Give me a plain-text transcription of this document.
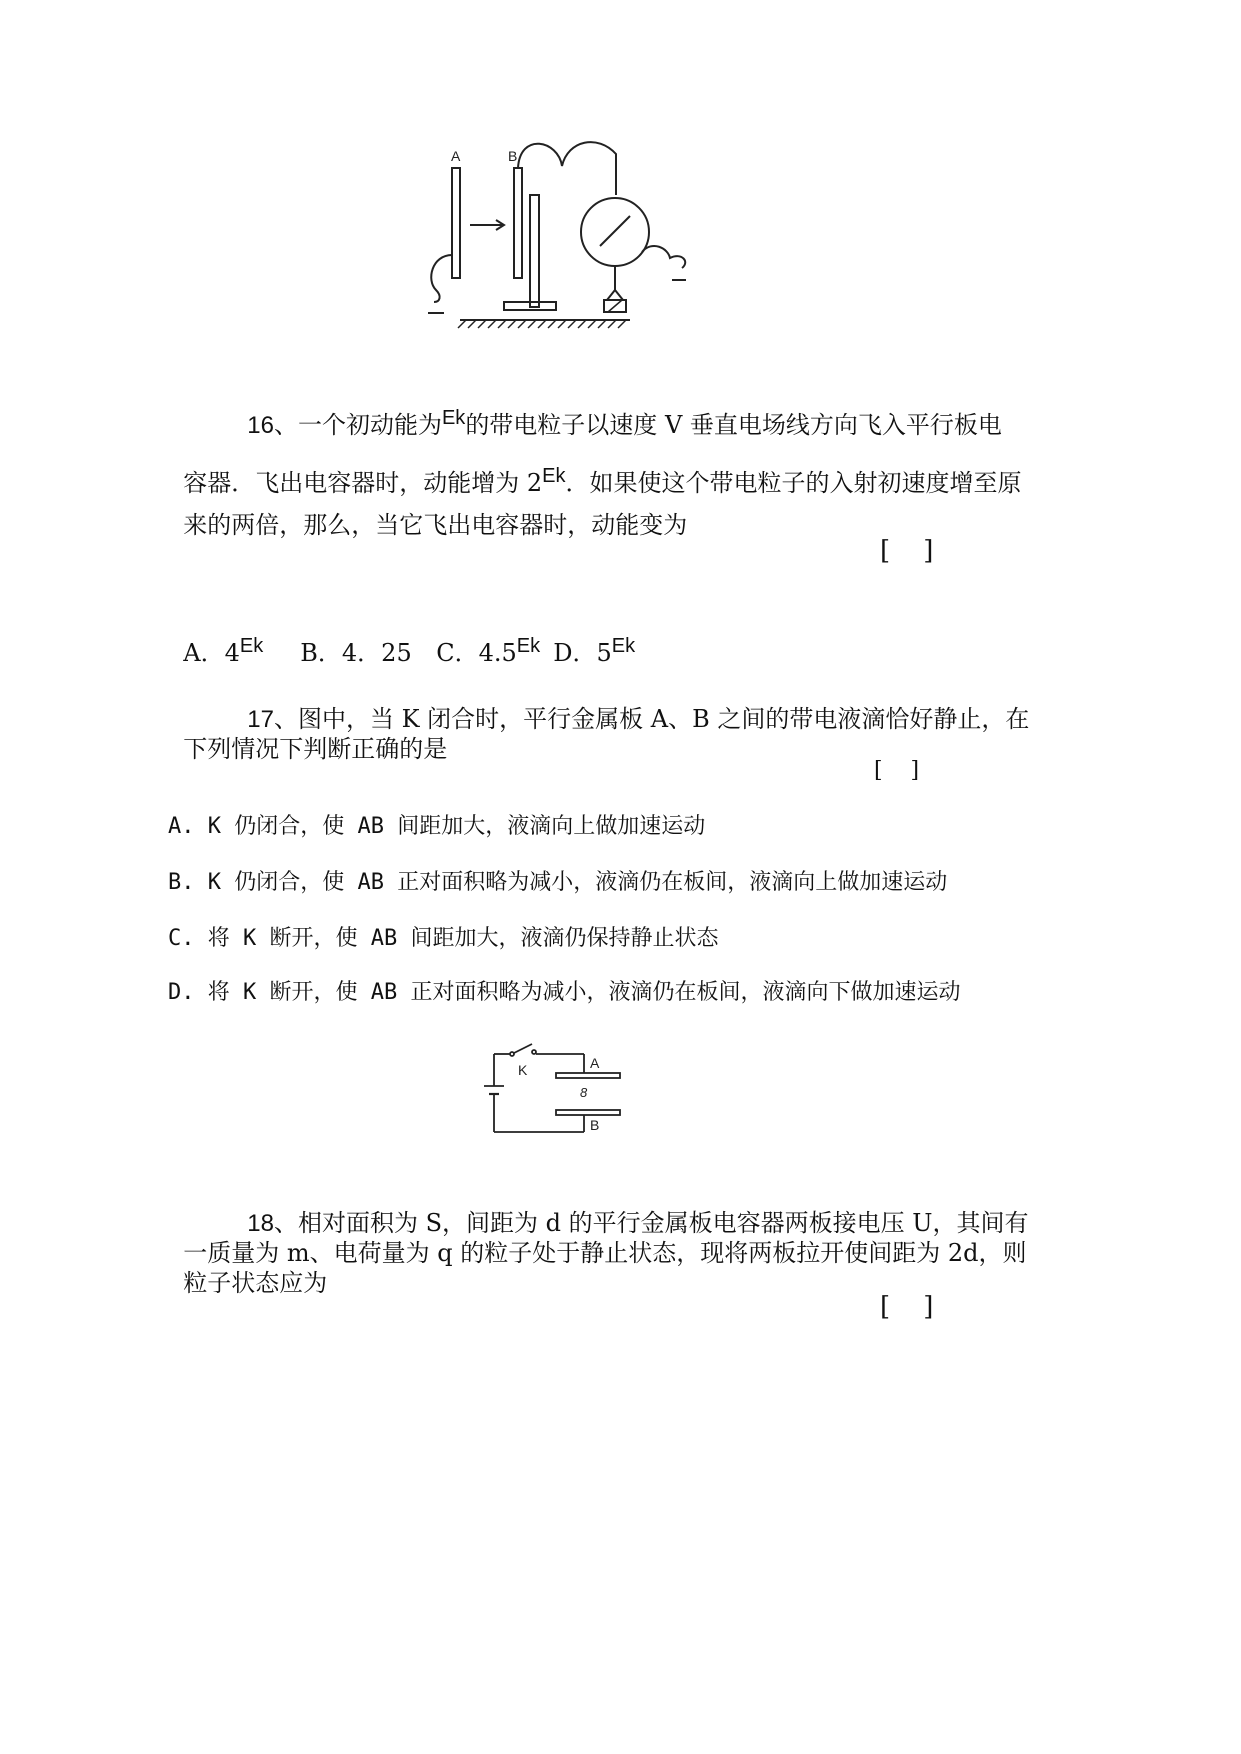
A	B

16、一个初动能为$^{Ek}$的带电粒子以速度 V 垂直电场线方向飞入平行板电

容器．飞出电容器时，动能增为 $2^{Ek}$．如果使这个带电粒子的入射初速度增至原

来的两倍，那么，当它飞出电容器时，动能变为

[    ]

A．$4^{Ek}$	B．4．25	C．$4.5^{Ek}$ D．$5^{Ek}$

17、图中，当 K 闭合时，平行金属板 A、B 之间的带电液滴恰好静止，在

下列情况下判断正确的是

[    ]
A. K 仍闭合，使 AB 间距加大，液滴向上做加速运动
B. K 仍闭合，使 AB 正对面积略为减小，液滴仍在板间，液滴向上做加速运动
C. 将 K 断开，使 AB 间距加大，液滴仍保持静止状态
D. 将 K 断开，使 AB 正对面积略为减小，液滴仍在板间，液滴向下做加速运动
K	A
8
B

18、相对面积为 S，间距为 d 的平行金属板电容器两板接电压 U，其间有

一质量为 m、电荷量为 q 的粒子处于静止状态，现将两板拉开使间距为 2d，则

粒子状态应为

[    ]
